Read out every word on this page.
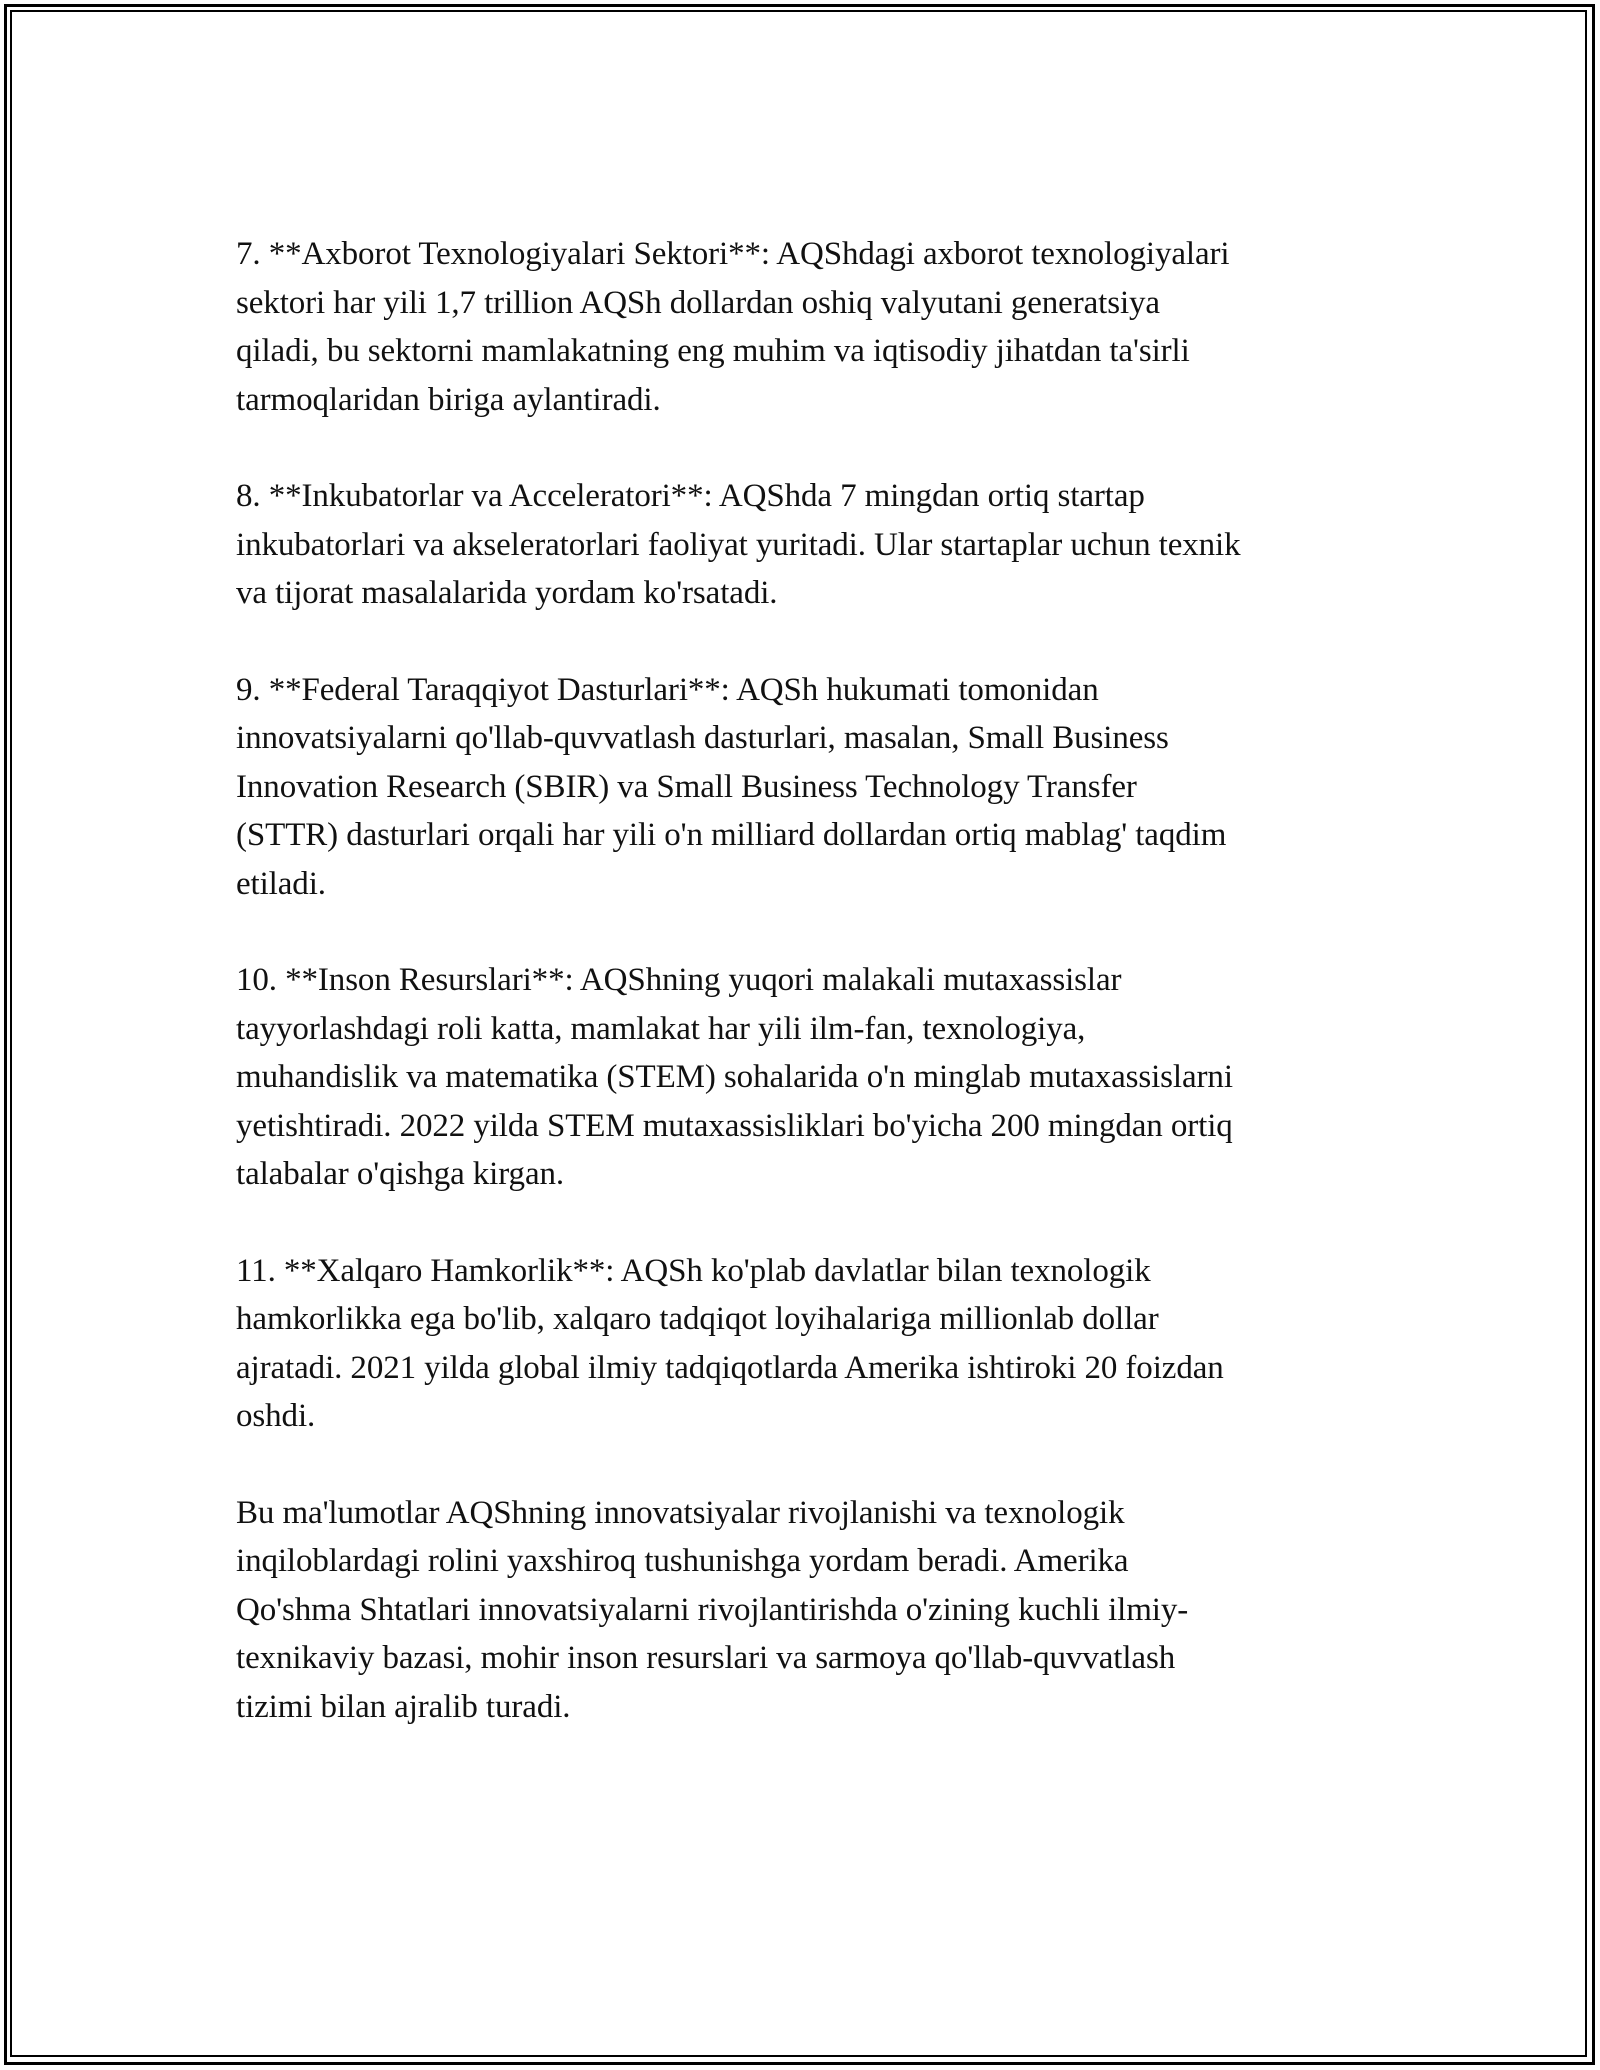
7. **Axborot Texnologiyalari Sektori**: AQShdagi axborot texnologiyalari
sektori har yili 1,7 trillion AQSh dollardan oshiq valyutani generatsiya
qiladi, bu sektorni mamlakatning eng muhim va iqtisodiy jihatdan ta'sirli
tarmoqlaridan biriga aylantiradi.

8. **Inkubatorlar va Acceleratori**: AQShda 7 mingdan ortiq startap
inkubatorlari va akseleratorlari faoliyat yuritadi. Ular startaplar uchun texnik
va tijorat masalalarida yordam ko'rsatadi.

9. **Federal Taraqqiyot Dasturlari**: AQSh hukumati tomonidan
innovatsiyalarni qo'llab-quvvatlash dasturlari, masalan, Small Business
Innovation Research (SBIR) va Small Business Technology Transfer
(STTR) dasturlari orqali har yili o'n milliard dollardan ortiq mablag' taqdim
etiladi.

10. **Inson Resurslari**: AQShning yuqori malakali mutaxassislar
tayyorlashdagi roli katta, mamlakat har yili ilm-fan, texnologiya,
muhandislik va matematika (STEM) sohalarida o'n minglab mutaxassislarni
yetishtiradi. 2022 yilda STEM mutaxassisliklari bo'yicha 200 mingdan ortiq
talabalar o'qishga kirgan.

11. **Xalqaro Hamkorlik**: AQSh ko'plab davlatlar bilan texnologik
hamkorlikka ega bo'lib, xalqaro tadqiqot loyihalariga millionlab dollar
ajratadi. 2021 yilda global ilmiy tadqiqotlarda Amerika ishtiroki 20 foizdan
oshdi.

Bu ma'lumotlar AQShning innovatsiyalar rivojlanishi va texnologik
inqiloblardagi rolini yaxshiroq tushunishga yordam beradi. Amerika
Qo'shma Shtatlari innovatsiyalarni rivojlantirishda o'zining kuchli ilmiy-
texnikaviy bazasi, mohir inson resurslari va sarmoya qo'llab-quvvatlash
tizimi bilan ajralib turadi.
